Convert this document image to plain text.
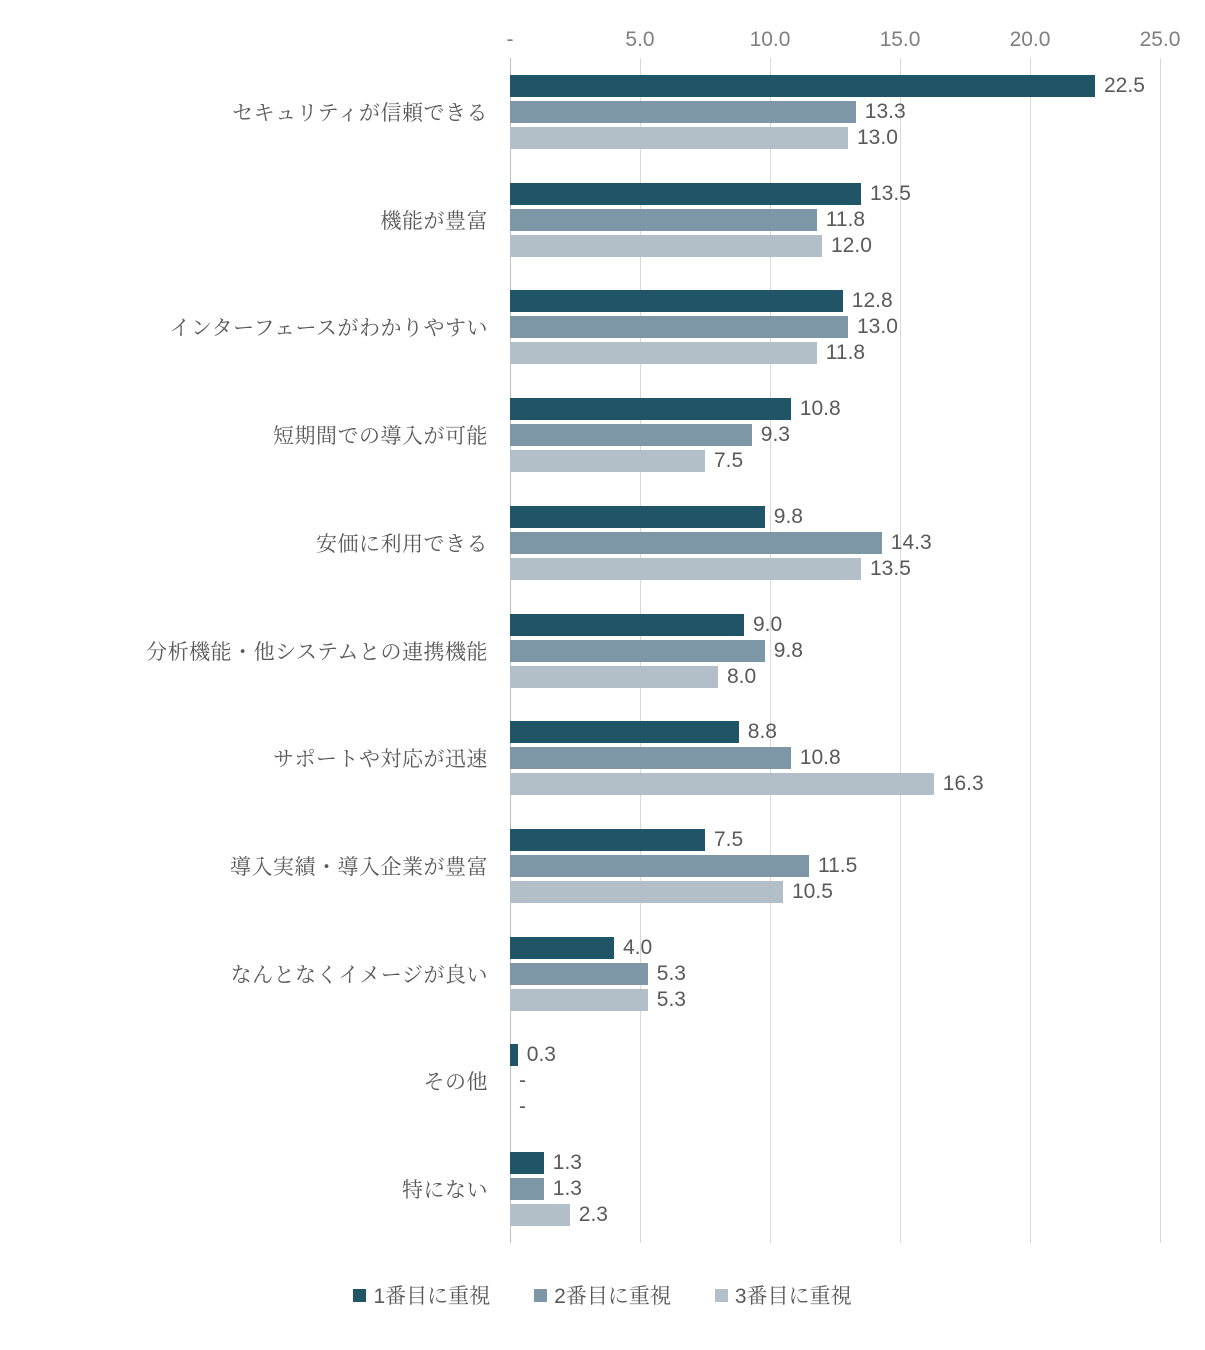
-	5.0	10.0	15.0	20.0	25.0
22.5
13.3
13.0
13.5
11.8
12.0
12.8
13.0
11.8
10.8
9.3
7.5
9.8
14.3
13.5
9.0
9.8
8.0
8.8
10.8
16.3
7.5
11.5
10.5
4.0
5.3
5.3
0.3
-
-
1.3
1.3
2.3
セキュリティが信頼できる
機能が豊富
インターフェースがわかりやすい
短期間での導入が可能
安価に利用できる
分析機能・他システムとの連携機能
サポートや対応が迅速
導入実績・導入企業が豊富
なんとなくイメージが良い
その他
特にない
1番目に重視	2番目に重視	3番目に重視
